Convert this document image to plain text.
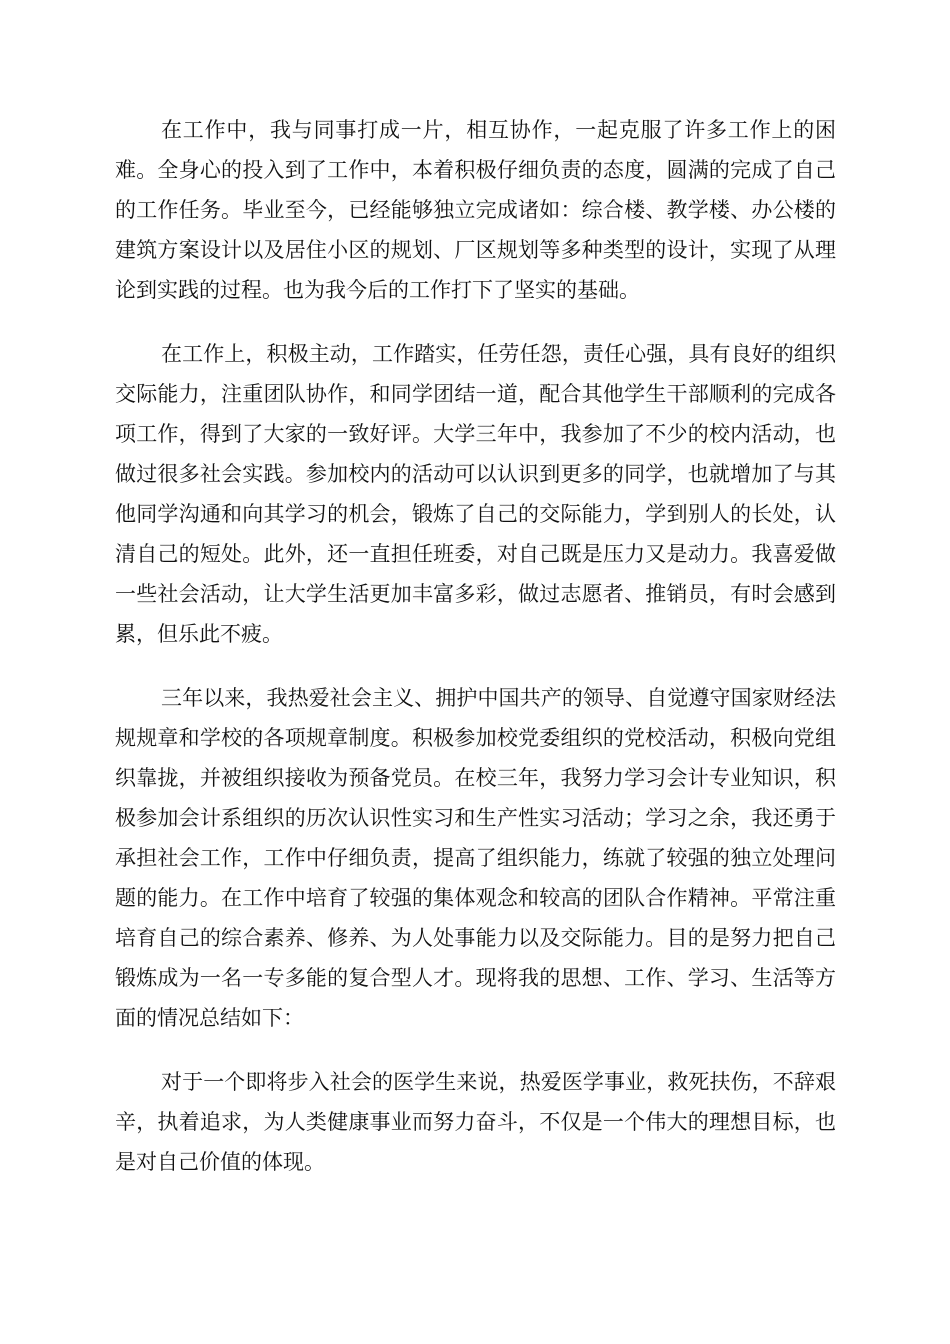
在工作中，我与同事打成一片，相互协作，一起克服了许多工作上的困难。全身心的投入到了工作中，本着积极仔细负责的态度，圆满的完成了自己的工作任务。毕业至今，已经能够独立完成诸如：综合楼、教学楼、办公楼的建筑方案设计以及居住小区的规划、厂区规划等多种类型的设计，实现了从理论到实践的过程。也为我今后的工作打下了坚实的基础。

在工作上，积极主动，工作踏实，任劳任怨，责任心强，具有良好的组织交际能力，注重团队协作，和同学团结一道，配合其他学生干部顺利的完成各项工作，得到了大家的一致好评。大学三年中，我参加了不少的校内活动，也做过很多社会实践。参加校内的活动可以认识到更多的同学，也就增加了与其他同学沟通和向其学习的机会，锻炼了自己的交际能力，学到别人的长处，认清自己的短处。此外，还一直担任班委，对自己既是压力又是动力。我喜爱做一些社会活动，让大学生活更加丰富多彩，做过志愿者、推销员，有时会感到累，但乐此不疲。

三年以来，我热爱社会主义、拥护中国共产的领导、自觉遵守国家财经法规规章和学校的各项规章制度。积极参加校党委组织的党校活动，积极向党组织靠拢，并被组织接收为预备党员。在校三年，我努力学习会计专业知识，积极参加会计系组织的历次认识性实习和生产性实习活动；学习之余，我还勇于承担社会工作，工作中仔细负责，提高了组织能力，练就了较强的独立处理问题的能力。在工作中培育了较强的集体观念和较高的团队合作精神。平常注重培育自己的综合素养、修养、为人处事能力以及交际能力。目的是努力把自己锻炼成为一名一专多能的复合型人才。现将我的思想、工作、学习、生活等方面的情况总结如下：

对于一个即将步入社会的医学生来说，热爱医学事业，救死扶伤，不辞艰辛，执着追求，为人类健康事业而努力奋斗，不仅是一个伟大的理想目标，也是对自己价值的体现。
